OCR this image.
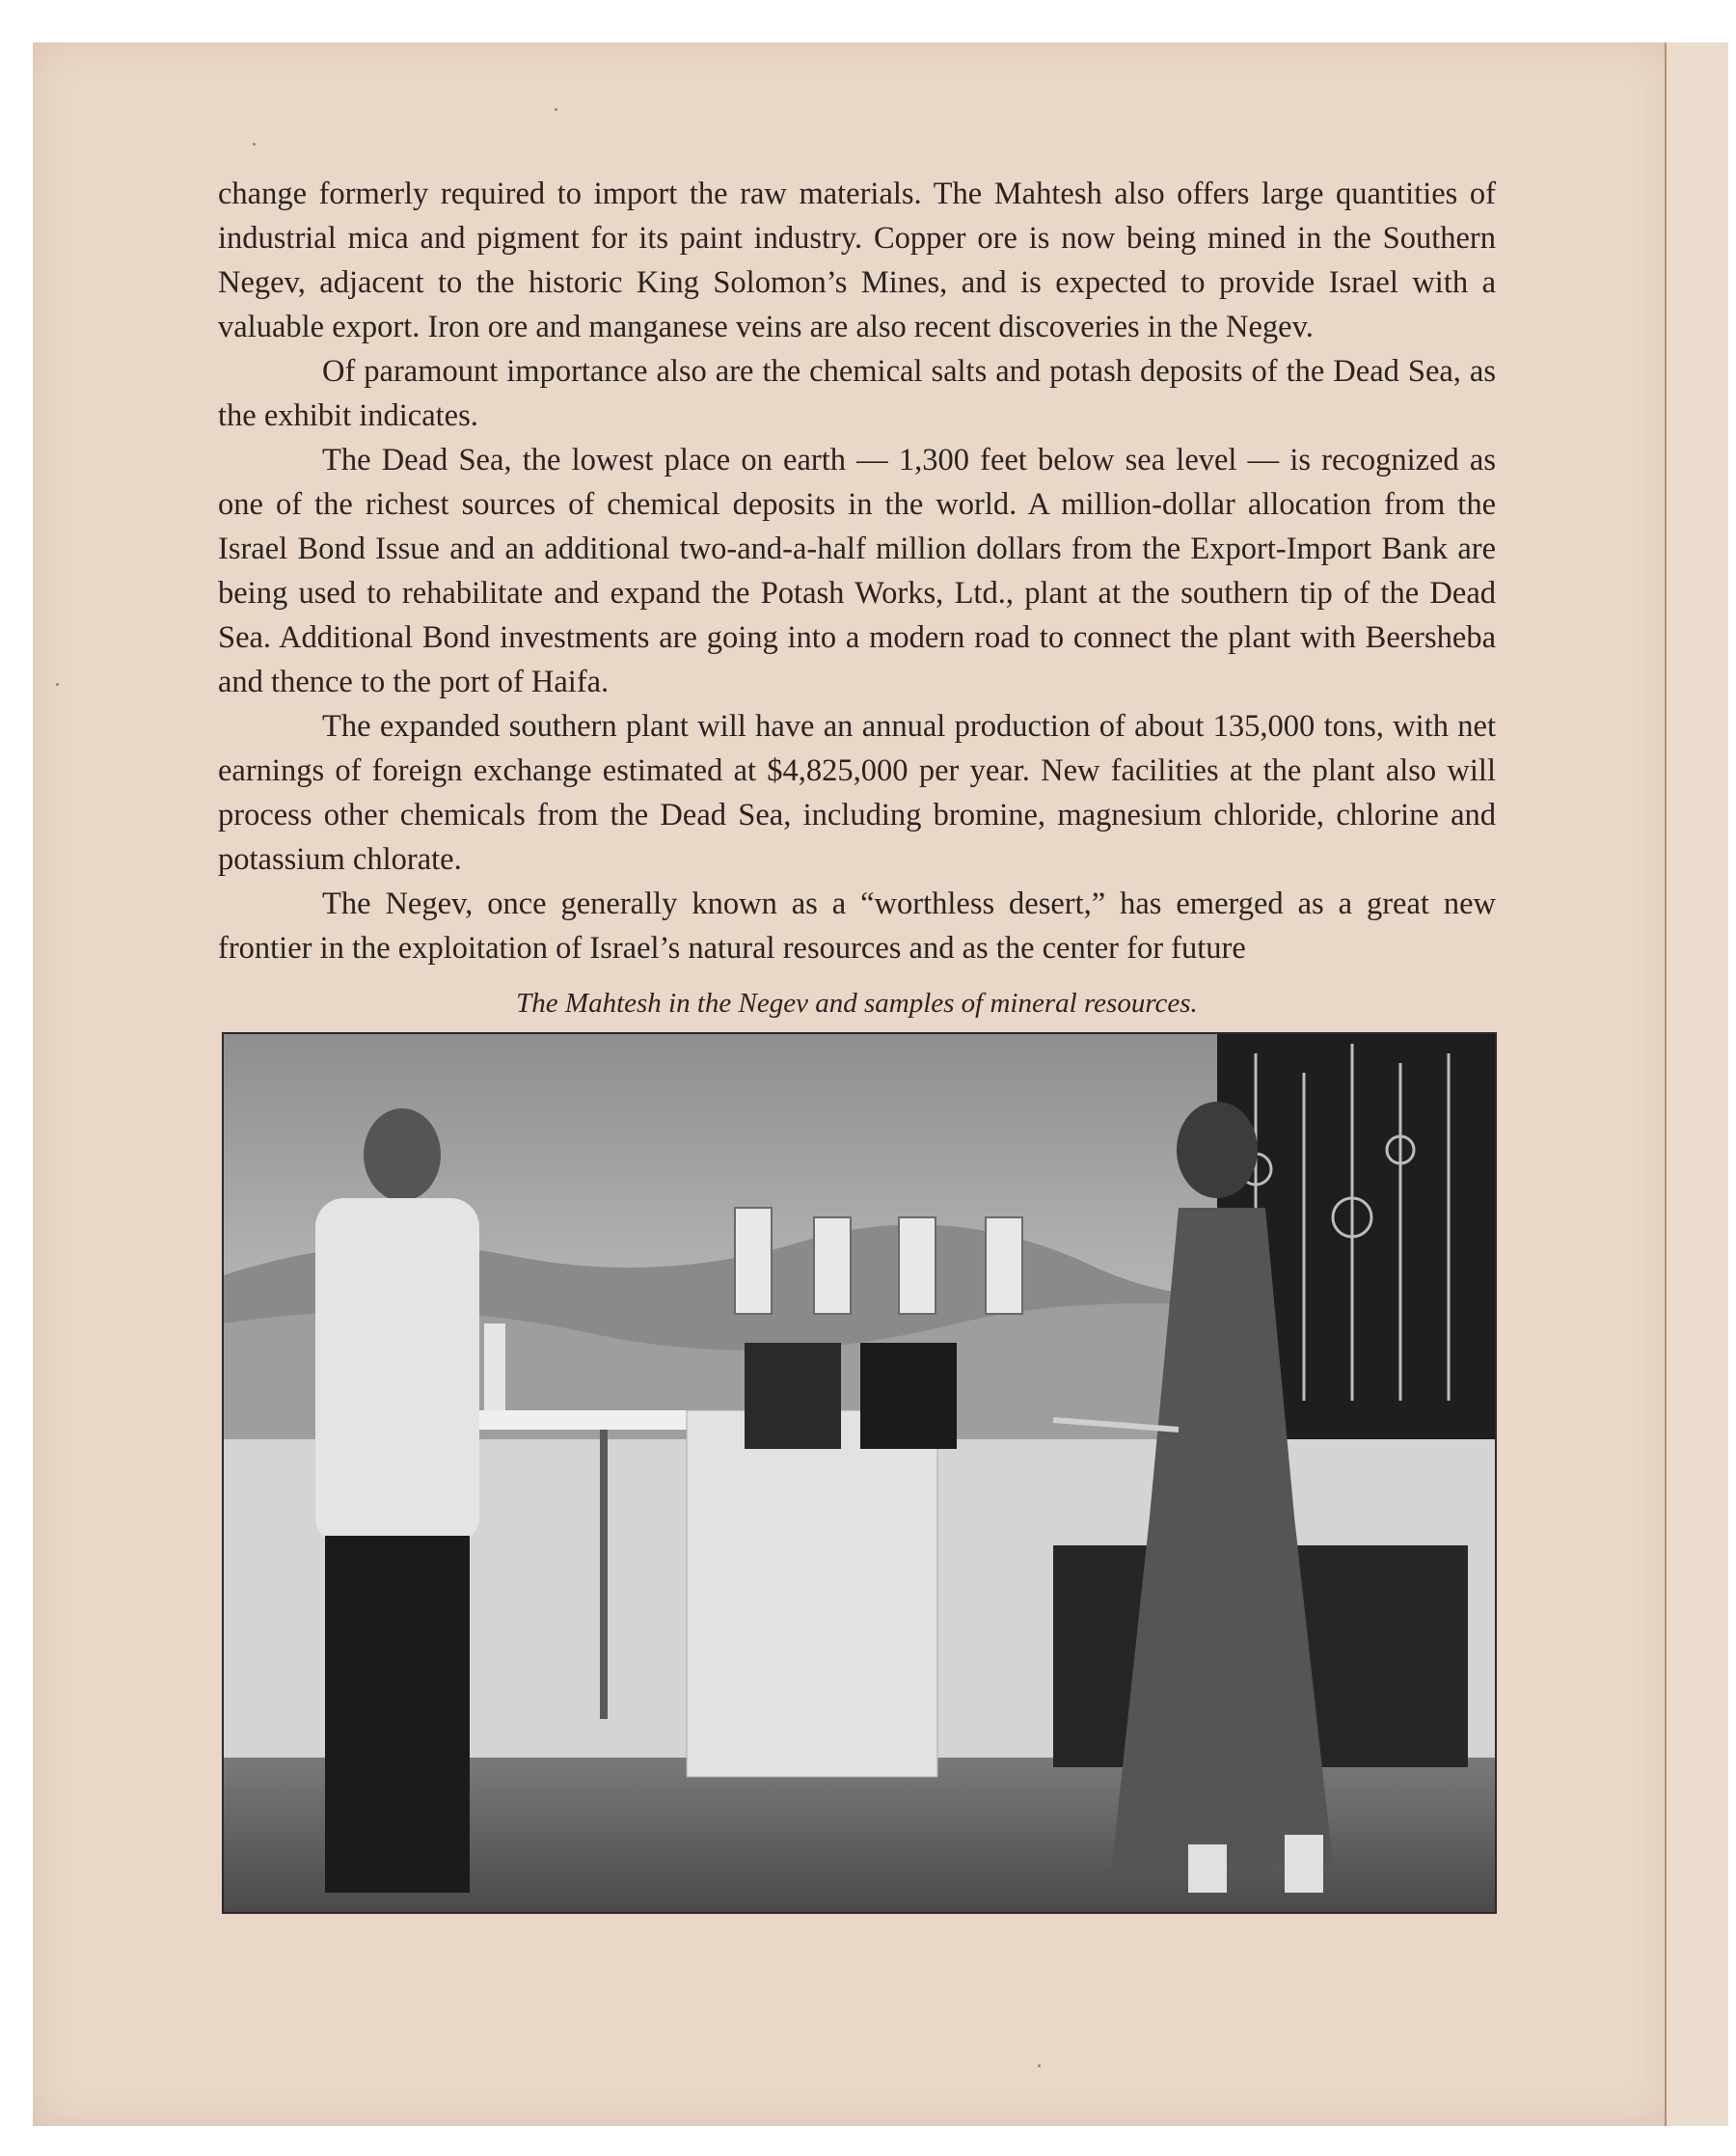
change formerly required to import the raw materials. The Mahtesh also offers large quantities of industrial mica and pigment for its paint industry. Copper ore is now being mined in the Southern Negev, adjacent to the historic King Solomon’s Mines, and is expected to provide Israel with a valuable export. Iron ore and manganese veins are also recent discoveries in the Negev.

Of paramount importance also are the chemical salts and potash deposits of the Dead Sea, as the exhibit indicates.

The Dead Sea, the lowest place on earth — 1,300 feet below sea level — is recognized as one of the richest sources of chemical deposits in the world. A million-dollar allocation from the Israel Bond Issue and an additional two-and-a-half million dollars from the Export-Import Bank are being used to rehabilitate and expand the Potash Works, Ltd., plant at the southern tip of the Dead Sea. Additional Bond investments are going into a modern road to connect the plant with Beersheba and thence to the port of Haifa.

The expanded southern plant will have an annual production of about 135,000 tons, with net earnings of foreign exchange estimated at $4,825,000 per year. New facilities at the plant also will process other chemicals from the Dead Sea, including bromine, magnesium chloride, chlorine and potassium chlorate.

The Negev, once generally known as a “worthless desert,” has emerged as a great new frontier in the exploitation of Israel’s natural resources and as the center for future

The Mahtesh in the Negev and samples of mineral resources.
